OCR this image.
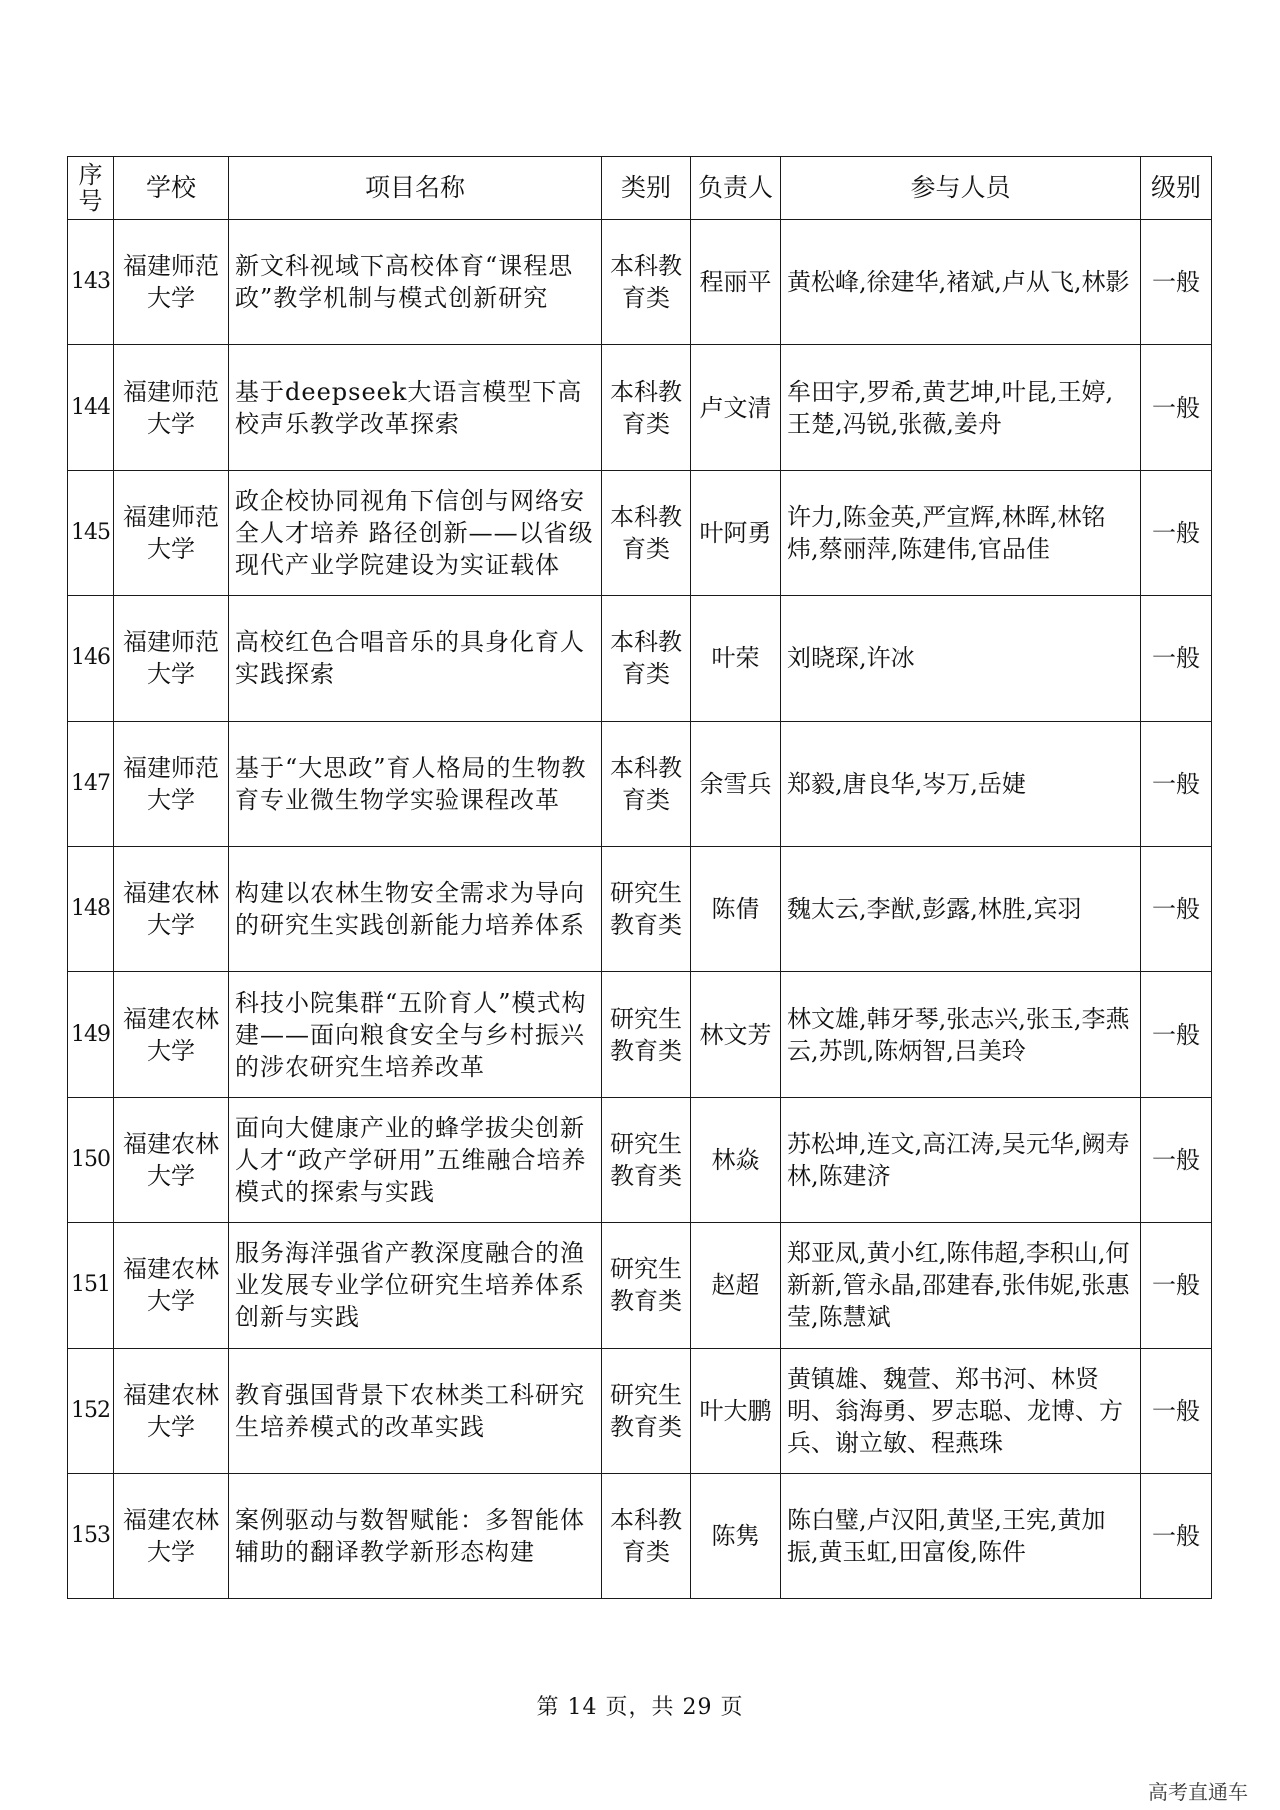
序号	学校	项目名称	类别	负责人	参与人员	级别
143	福建师范大学	新文科视域下高校体育“课程思政”教学机制与模式创新研究	本科教育类	程丽平	黄松峰,徐建华,褚斌,卢从飞,林影	一般
144	福建师范大学	基于deepseek大语言模型下高校声乐教学改革探索	本科教育类	卢文清	牟田宇,罗希,黄艺坤,叶昆,王婷,王楚,冯锐,张薇,姜舟	一般
145	福建师范大学	政企校协同视角下信创与网络安全人才培养 路径创新——以省级现代产业学院建设为实证载体	本科教育类	叶阿勇	许力,陈金英,严宣辉,林晖,林铭炜,蔡丽萍,陈建伟,官品佳	一般
146	福建师范大学	高校红色合唱音乐的具身化育人实践探索	本科教育类	叶荣	刘晓琛,许冰	一般
147	福建师范大学	基于“大思政”育人格局的生物教育专业微生物学实验课程改革	本科教育类	余雪兵	郑毅,唐良华,岑万,岳婕	一般
148	福建农林大学	构建以农林生物安全需求为导向的研究生实践创新能力培养体系	研究生教育类	陈倩	魏太云,李猷,彭露,林胜,宾羽	一般
149	福建农林大学	科技小院集群“五阶育人”模式构建——面向粮食安全与乡村振兴的涉农研究生培养改革	研究生教育类	林文芳	林文雄,韩牙琴,张志兴,张玉,李燕云,苏凯,陈炳智,吕美玲	一般
150	福建农林大学	面向大健康产业的蜂学拔尖创新人才“政产学研用”五维融合培养模式的探索与实践	研究生教育类	林焱	苏松坤,连文,高江涛,吴元华,阙寿林,陈建济	一般
151	福建农林大学	服务海洋强省产教深度融合的渔业发展专业学位研究生培养体系创新与实践	研究生教育类	赵超	郑亚凤,黄小红,陈伟超,李积山,何新新,管永晶,邵建春,张伟妮,张惠莹,陈慧斌	一般
152	福建农林大学	教育强国背景下农林类工科研究生培养模式的改革实践	研究生教育类	叶大鹏	黄镇雄、魏萱、郑书河、林贤明、翁海勇、罗志聪、龙博、方兵、谢立敏、程燕珠	一般
153	福建农林大学	案例驱动与数智赋能：多智能体辅助的翻译教学新形态构建	本科教育类	陈隽	陈白璧,卢汉阳,黄坚,王宪,黄加振,黄玉虹,田富俊,陈件	一般
第 14 页，共 29 页
高考直通车
